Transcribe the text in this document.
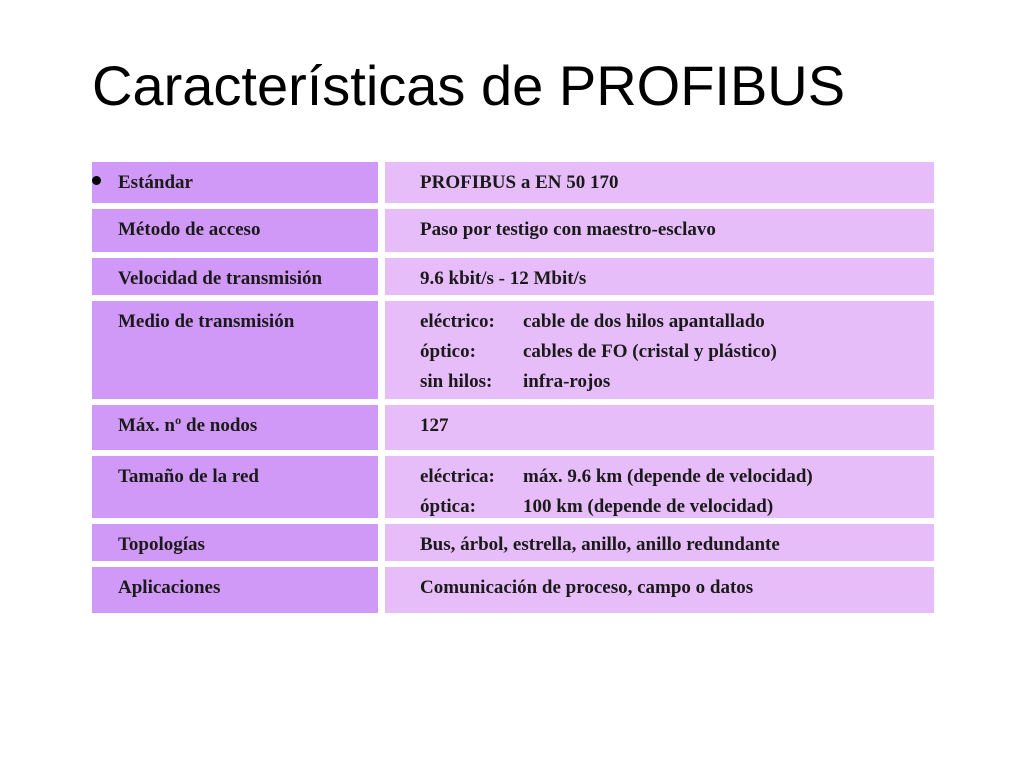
Características de PROFIBUS
Estándar	PROFIBUS a EN 50 170
Método de acceso	Paso por testigo con maestro-esclavo
Velocidad de transmisión	9.6 kbit/s - 12 Mbit/s
Medio de transmisión	eléctrico:	cable de dos hilos apantallado
óptico:	cables de FO (cristal y plástico)
sin hilos:	infra-rojos
Máx. nº de nodos	127
Tamaño de la red	eléctrica:	máx. 9.6 km (depende de velocidad)
óptica:	100 km (depende de velocidad)
Topologías	Bus, árbol, estrella, anillo, anillo redundante
Aplicaciones	Comunicación de proceso, campo o datos
